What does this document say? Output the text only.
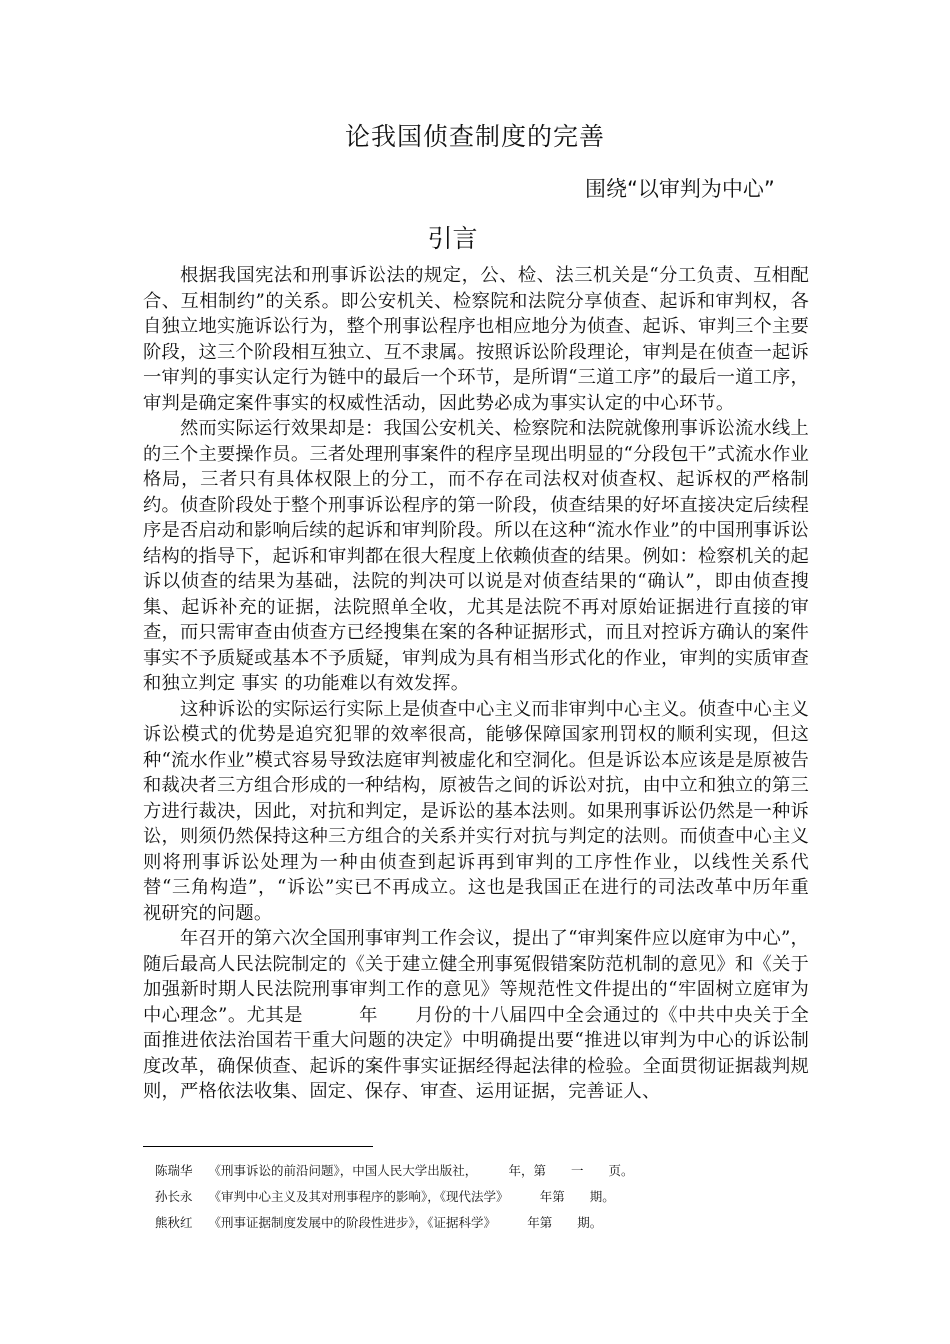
论我国侦查制度的完善
围绕“以审判为中心”
引言

根据我国宪法和刑事诉讼法的规定，公、检、法三机关是“分工负责、互相配合、互相制约”的关系。即公安机关、检察院和法院分享侦查、起诉和审判权，各自独立地实施诉讼行为，整个刑事讼程序也相应地分为侦查、起诉、审判三个主要阶段，这三个阶段相互独立、互不隶属。按照诉讼阶段理论，审判是在侦查一起诉一审判的事实认定行为链中的最后一个环节，是所谓“三道工序”的最后一道工序，审判是确定案件事实的权威性活动，因此势必成为事实认定的中心环节。

然而实际运行效果却是：我国公安机关、检察院和法院就像刑事诉讼流水线上的三个主要操作员。三者处理刑事案件的程序呈现出明显的“分段包干”式流水作业格局，三者只有具体权限上的分工，而不存在司法权对侦查权、起诉权的严格制约。侦查阶段处于整个刑事诉讼程序的第一阶段，侦查结果的好坏直接决定后续程序是否启动和影响后续的起诉和审判阶段。所以在这种“流水作业”的中国刑事诉讼结构的指导下，起诉和审判都在很大程度上依赖侦查的结果。例如：检察机关的起诉以侦查的结果为基础，法院的判决可以说是对侦查结果的“确认”，即由侦查搜集、起诉补充的证据，法院照单全收，尤其是法院不再对原始证据进行直接的审查，而只需审查由侦查方已经搜集在案的各种证据形式，而且对控诉方确认的案件事实不予质疑或基本不予质疑，审判成为具有相当形式化的作业，审判的实质审查和独立判定 事实 的功能难以有效发挥。

这种诉讼的实际运行实际上是侦查中心主义而非审判中心主义。侦查中心主义诉讼模式的优势是追究犯罪的效率很高，能够保障国家刑罚权的顺利实现，但这种“流水作业”模式容易导致法庭审判被虚化和空洞化。但是诉讼本应该是是原被告和裁决者三方组合形成的一种结构，原被告之间的诉讼对抗，由中立和独立的第三方进行裁决，因此，对抗和判定，是诉讼的基本法则。如果刑事诉讼仍然是一种诉讼，则须仍然保持这种三方组合的关系并实行对抗与判定的法则。而侦查中心主义则将刑事诉讼处理为一种由侦查到起诉再到审判的工序性作业，以线性关系代替“三角构造”，“诉讼”实已不再成立。这也是我国正在进行的司法改革中历年重视研究的问题。

年召开的第六次全国刑事审判工作会议，提出了“审判案件应以庭审为中心”，随后最高人民法院制定的《关于建立健全刑事冤假错案防范机制的意见》和《关于加强新时期人民法院刑事审判工作的意见》等规范性文件提出的“牢固树立庭审为中心理念”。尤其是　　　年　　月份的十八届四中全会通过的《中共中央关于全面推进依法治国若干重大问题的决定》中明确提出要“推进以审判为中心的诉讼制度改革，确保侦查、起诉的案件事实证据经得起法律的检验。全面贯彻证据裁判规则，严格依法收集、固定、保存、审查、运用证据，完善证人、

陈瑞华 《刑事诉讼的前沿问题》，中国人民大学出版社，　　　年，第　　一　　页。
孙长永 《审判中心主义及其对刑事程序的影响》，《现代法学》　　　年第　　期。
熊秋红 《刑事证据制度发展中的阶段性进步》，《证据科学》　　　年第　　期。
